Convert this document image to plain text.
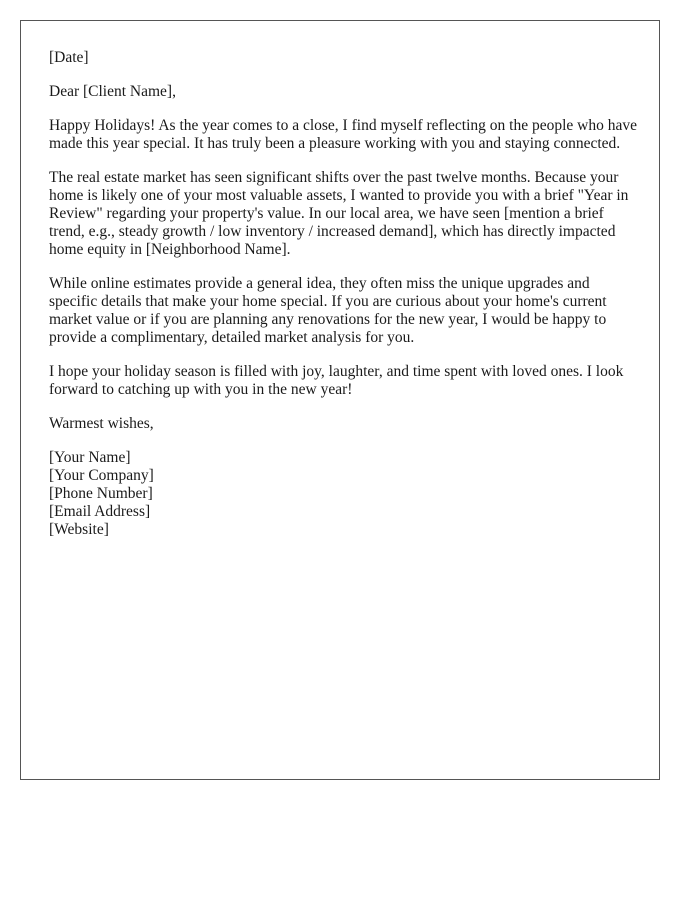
[Date]

Dear [Client Name],

Happy Holidays! As the year comes to a close, I find myself reflecting on the people who have made this year special. It has truly been a pleasure working with you and staying connected.

The real estate market has seen significant shifts over the past twelve months. Because your home is likely one of your most valuable assets, I wanted to provide you with a brief "Year in Review" regarding your property's value. In our local area, we have seen [mention a brief trend, e.g., steady growth / low inventory / increased demand], which has directly impacted home equity in [Neighborhood Name].

While online estimates provide a general idea, they often miss the unique upgrades and specific details that make your home special. If you are curious about your home's current market value or if you are planning any renovations for the new year, I would be happy to provide a complimentary, detailed market analysis for you.

I hope your holiday season is filled with joy, laughter, and time spent with loved ones. I look forward to catching up with you in the new year!

Warmest wishes,

[Your Name]

[Your Company]

[Phone Number]

[Email Address]

[Website]
